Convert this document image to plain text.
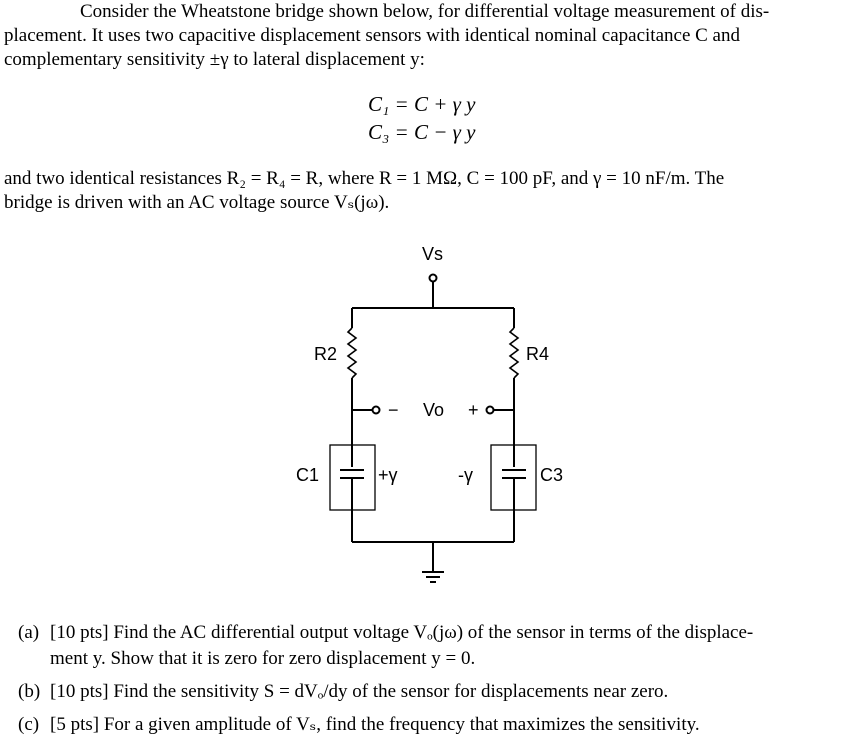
Consider the Wheatstone bridge shown below, for differential voltage measurement of dis-
placement. It uses two capacitive displacement sensors with identical nominal capacitance C and
complementary sensitivity ±γ to lateral displacement y:
C₁ = C + γ y
C₃ = C − γ y
and two identical resistances R₂ = R₄ = R, where R = 1 MΩ, C = 100 pF, and γ = 10 nF/m. The
bridge is driven with an AC voltage source Vₛ(jω).
Vs
R2	R4
− Vo +
C1	C3
+γ	-γ
(a) [10 pts] Find the AC differential output voltage Vₒ(jω) of the sensor in terms of the displace-
ment y. Show that it is zero for zero displacement y = 0.
(b) [10 pts] Find the sensitivity S = dVₒ/dy of the sensor for displacements near zero.
(c) [5 pts] For a given amplitude of Vₛ, find the frequency that maximizes the sensitivity.
